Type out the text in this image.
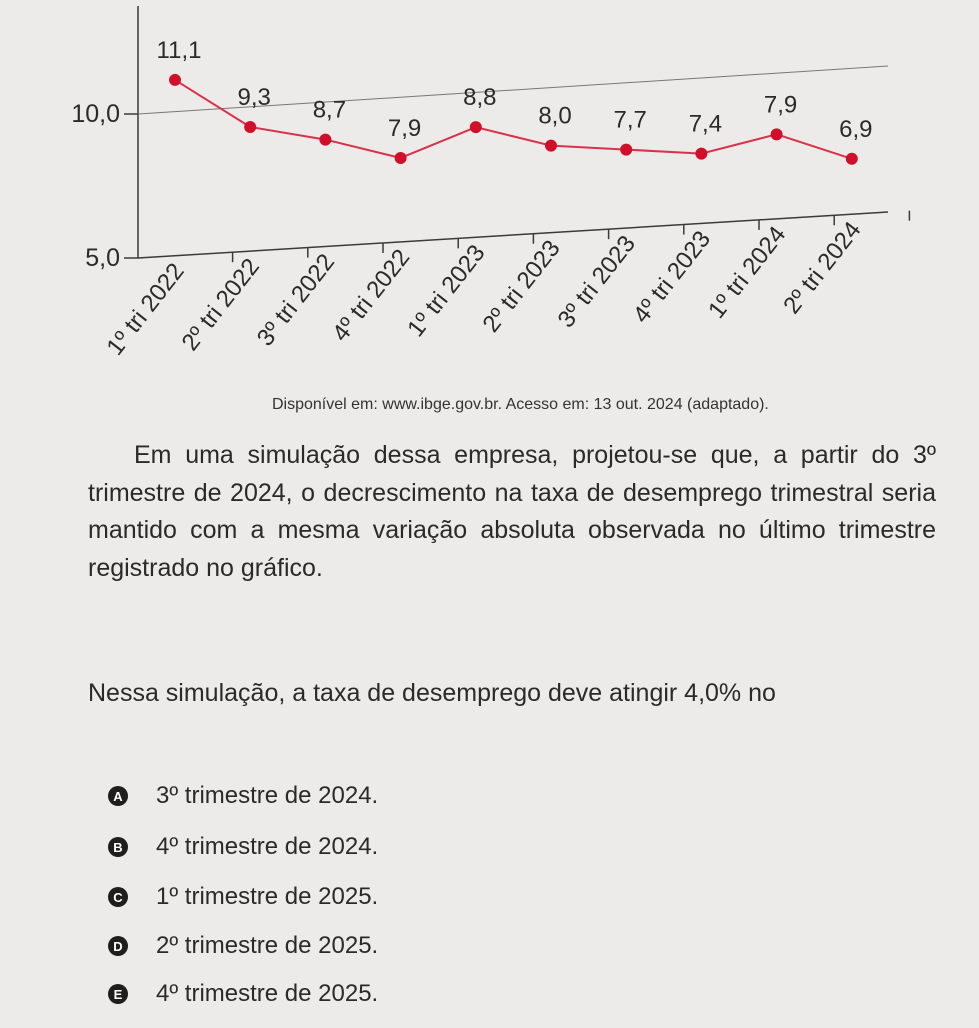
10,0
5,0
11,1
9,3 8,7
7,9
8,8
8,0 7,7 7,4
7,9
6,9
1º tri 2022
2º tri 2022
3º tri 2022
4º tri 2022
1º tri 2023
2º tri 2023
3º tri 2023
4º tri 2023
1º tri 2024
2º tri 2024
Disponível em: www.ibge.gov.br. Acesso em: 13 out. 2024 (adaptado).

Em uma simulação dessa empresa, projetou-se que, a partir do 3º trimestre de 2024, o decrescimento na taxa de desemprego trimestral seria mantido com a mesma variação absoluta observada no último trimestre registrado no gráfico.

Nessa simulação, a taxa de desemprego deve atingir 4,0% no

A 3º trimestre de 2024.
B 4º trimestre de 2024.
C 1º trimestre de 2025.
D 2º trimestre de 2025.
E 4º trimestre de 2025.
